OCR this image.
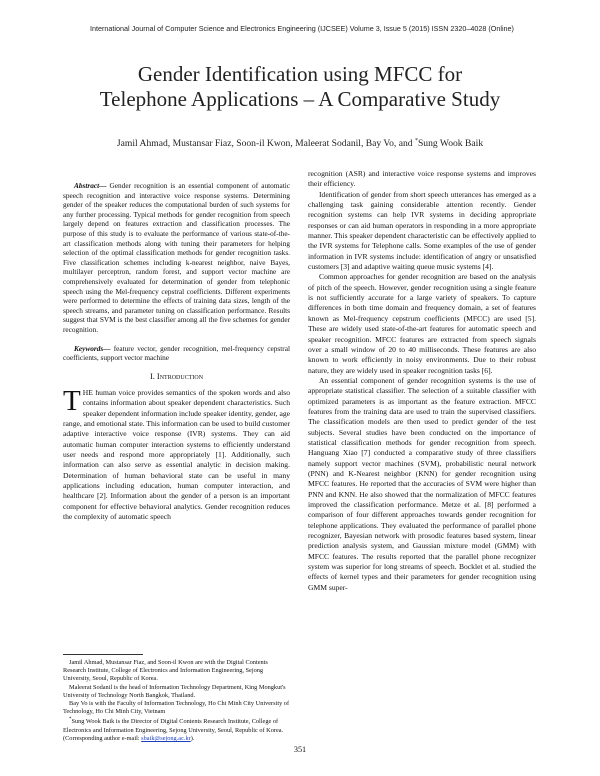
International Journal of Computer Science and Electronics Engineering (IJCSEE) Volume 3, Issue 5 (2015) ISSN 2320–4028 (Online)
Gender Identification using MFCC for
Telephone Applications – A Comparative Study
Jamil Ahmad, Mustansar Fiaz, Soon-il Kwon, Maleerat Sodanil, Bay Vo, and *Sung Wook Baik

Abstract— Gender recognition is an essential component of automatic speech recognition and interactive voice response systems. Determining gender of the speaker reduces the computational burden of such systems for any further processing. Typical methods for gender recognition from speech largely depend on features extraction and classification processes. The purpose of this study is to evaluate the performance of various state-of-the-art classification methods along with tuning their parameters for helping selection of the optimal classification methods for gender recognition tasks. Five classification schemes including k-nearest neighbor, naive Bayes, multilayer perceptron, random forest, and support vector machine are comprehensively evaluated for determination of gender from telephonic speech using the Mel-frequency cepstral coefficients. Different experiments were performed to determine the effects of training data sizes, length of the speech streams, and parameter tuning on classification performance. Results suggest that SVM is the best classifier among all the five schemes for gender recognition.

Keywords— feature vector, gender recognition, mel-frequency cepstral coefficients, support vector machine

I. Introduction

THE human voice provides semantics of the spoken words and also contains information about speaker dependent characteristics. Such speaker dependent information include speaker identity, gender, age range, and emotional state. This information can be used to build customer adaptive interactive voice response (IVR) systems. They can aid automatic human computer interaction systems to efficiently understand user needs and respond more appropriately [1]. Additionally, such information can also serve as essential analytic in decision making. Determination of human behavioral state can be useful in many applications including education, human computer interaction, and healthcare [2]. Information about the gender of a person is an important component for effective behavioral analytics. Gender recognition reduces the complexity of automatic speech

Jamil Ahmad, Mustansar Fiaz, and Soon-il Kwon are with the Digital Contents Research Institute, College of Electronics and Information Engineering, Sejong University, Seoul, Republic of Korea.

Maleerat Sodanil is the head of Information Technology Department, King Mongkut's University of Technology North Bangkok, Thailand.

Bay Vo is with the Faculty of Information Technology, Ho Chi Minh City University of Technology, Ho Chi Minh City, Vietnam

*Sung Wook Baik is the Director of Digital Contents Research Institute, College of Electronics and Information Engineering, Sejong University, Seoul, Republic of Korea. (Corresponding author e-mail: sbaik@sejong.ac.kr).

recognition (ASR) and interactive voice response systems and improves their efficiency.

Identification of gender from short speech utterances has emerged as a challenging task gaining considerable attention recently. Gender recognition systems can help IVR systems in deciding appropriate responses or can aid human operators in responding in a more appropriate manner. This speaker dependent characteristic can be effectively applied to the IVR systems for Telephone calls. Some examples of the use of gender information in IVR systems include: identification of angry or unsatisfied customers [3] and adaptive waiting queue music systems [4].

Common approaches for gender recognition are based on the analysis of pitch of the speech. However, gender recognition using a single feature is not sufficiently accurate for a large variety of speakers. To capture differences in both time domain and frequency domain, a set of features known as Mel-frequency cepstrum coefficients (MFCC) are used [5]. These are widely used state-of-the-art features for automatic speech and speaker recognition. MFCC features are extracted from speech signals over a small window of 20 to 40 milliseconds. These features are also known to work efficiently in noisy environments. Due to their robust nature, they are widely used in speaker recognition tasks [6].

An essential component of gender recognition systems is the use of appropriate statistical classifier. The selection of a suitable classifier with optimized parameters is as important as the feature extraction. MFCC features from the training data are used to train the supervised classifiers. The classification models are then used to predict gender of the test subjects. Several studies have been conducted on the importance of statistical classification methods for gender recognition from speech. Hanguang Xiao [7] conducted a comparative study of three classifiers namely support vector machines (SVM), probabilistic neural network (PNN) and K-Nearest neighbor (KNN) for gender recognition using MFCC features. He reported that the accuracies of SVM were higher than PNN and KNN. He also showed that the normalization of MFCC features improved the classification performance. Metze et al. [8] performed a comparison of four different approaches towards gender recognition for telephone applications. They evaluated the performance of parallel phone recognizer, Bayesian network with prosodic features based system, linear prediction analysis system, and Gaussian mixture model (GMM) with MFCC features. The results reported that the parallel phone recognizer system was superior for long streams of speech. Bocklet et al. studied the effects of kernel types and their parameters for gender recognition using GMM super-

351
